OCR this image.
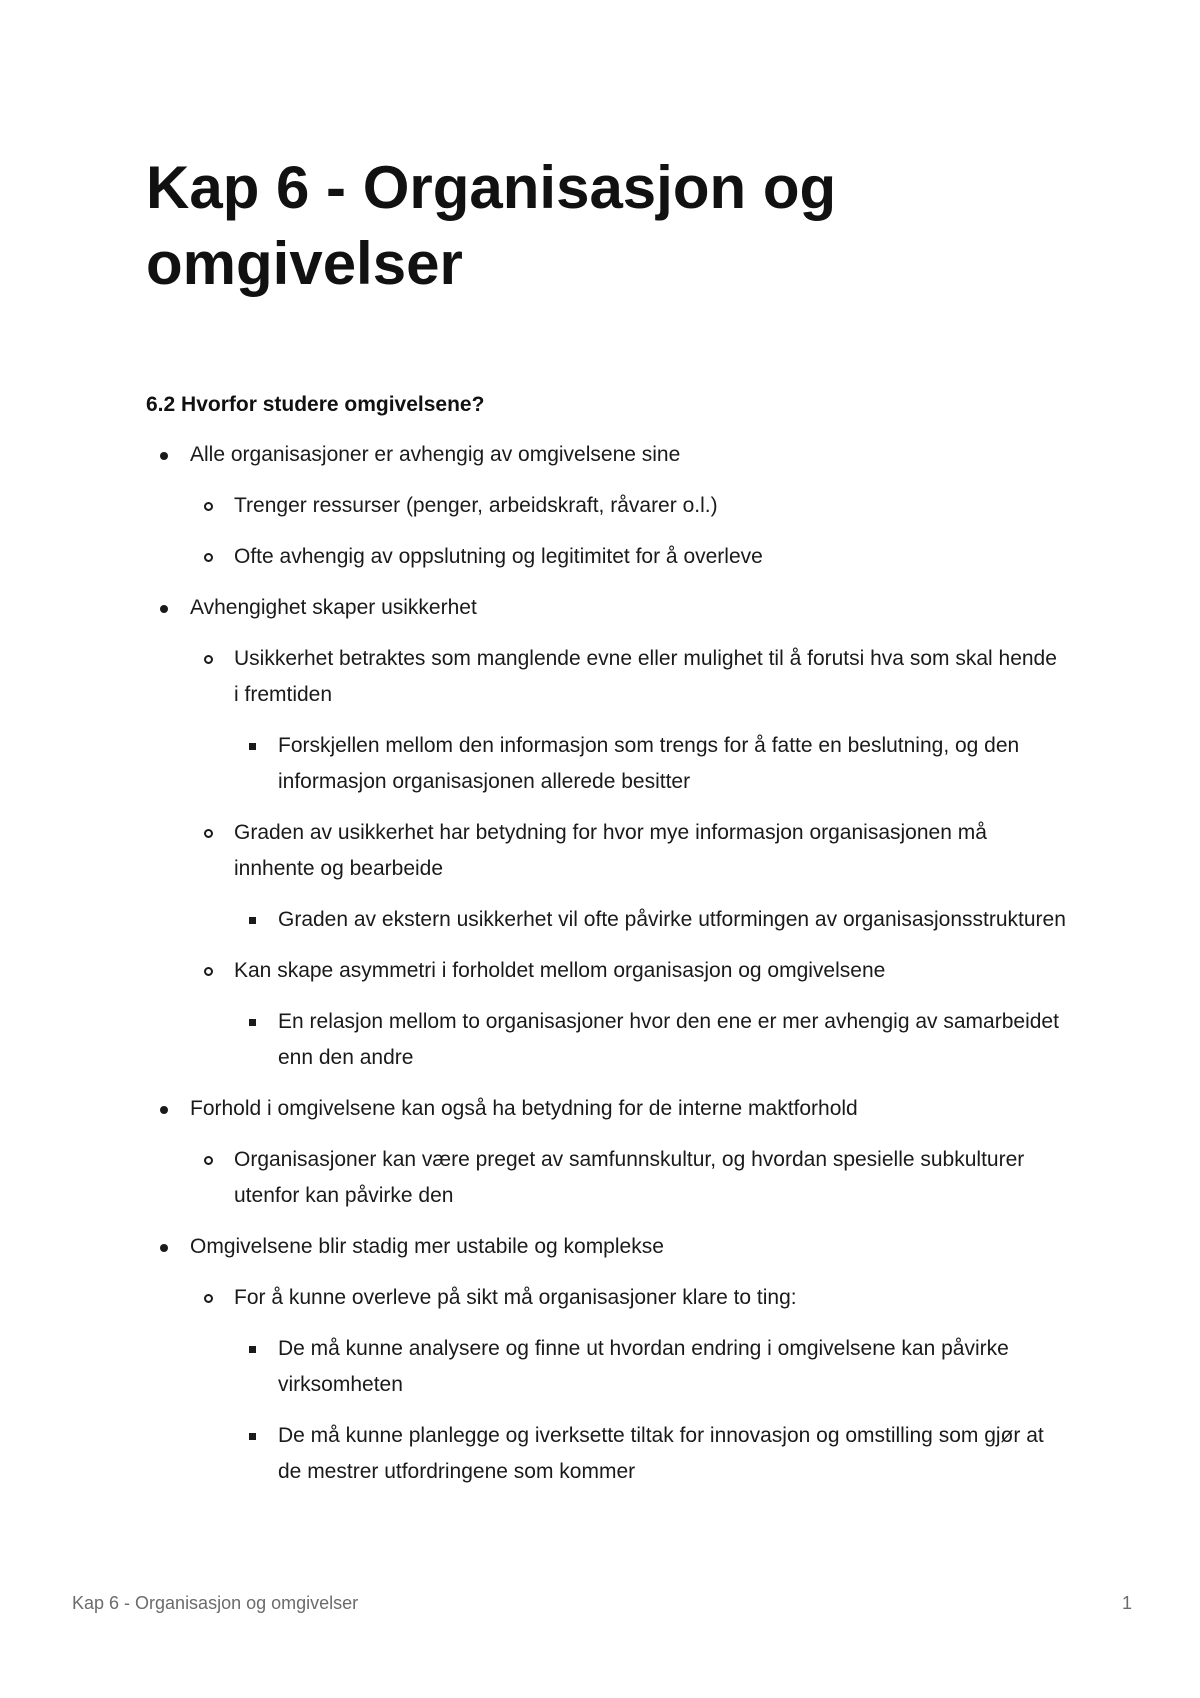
Kap 6 - Organisasjon og omgivelser
6.2 Hvorfor studere omgivelsene?
Alle organisasjoner er avhengig av omgivelsene sine
Trenger ressurser (penger, arbeidskraft, råvarer o.l.)
Ofte avhengig av oppslutning og legitimitet for å overleve
Avhengighet skaper usikkerhet
Usikkerhet betraktes som manglende evne eller mulighet til å forutsi hva som skal hende i fremtiden
Forskjellen mellom den informasjon som trengs for å fatte en beslutning, og den informasjon organisasjonen allerede besitter
Graden av usikkerhet har betydning for hvor mye informasjon organisasjonen må innhente og bearbeide
Graden av ekstern usikkerhet vil ofte påvirke utformingen av organisasjonsstrukturen
Kan skape asymmetri i forholdet mellom organisasjon og omgivelsene
En relasjon mellom to organisasjoner hvor den ene er mer avhengig av samarbeidet enn den andre
Forhold i omgivelsene kan også ha betydning for de interne maktforhold
Organisasjoner kan være preget av samfunnskultur, og hvordan spesielle subkulturer utenfor kan påvirke den
Omgivelsene blir stadig mer ustabile og komplekse
For å kunne overleve på sikt må organisasjoner klare to ting:
De må kunne analysere og finne ut hvordan endring i omgivelsene kan påvirke virksomheten
De må kunne planlegge og iverksette tiltak for innovasjon og omstilling som gjør at de mestrer utfordringene som kommer
Kap 6 - Organisasjon og omgivelser	1
